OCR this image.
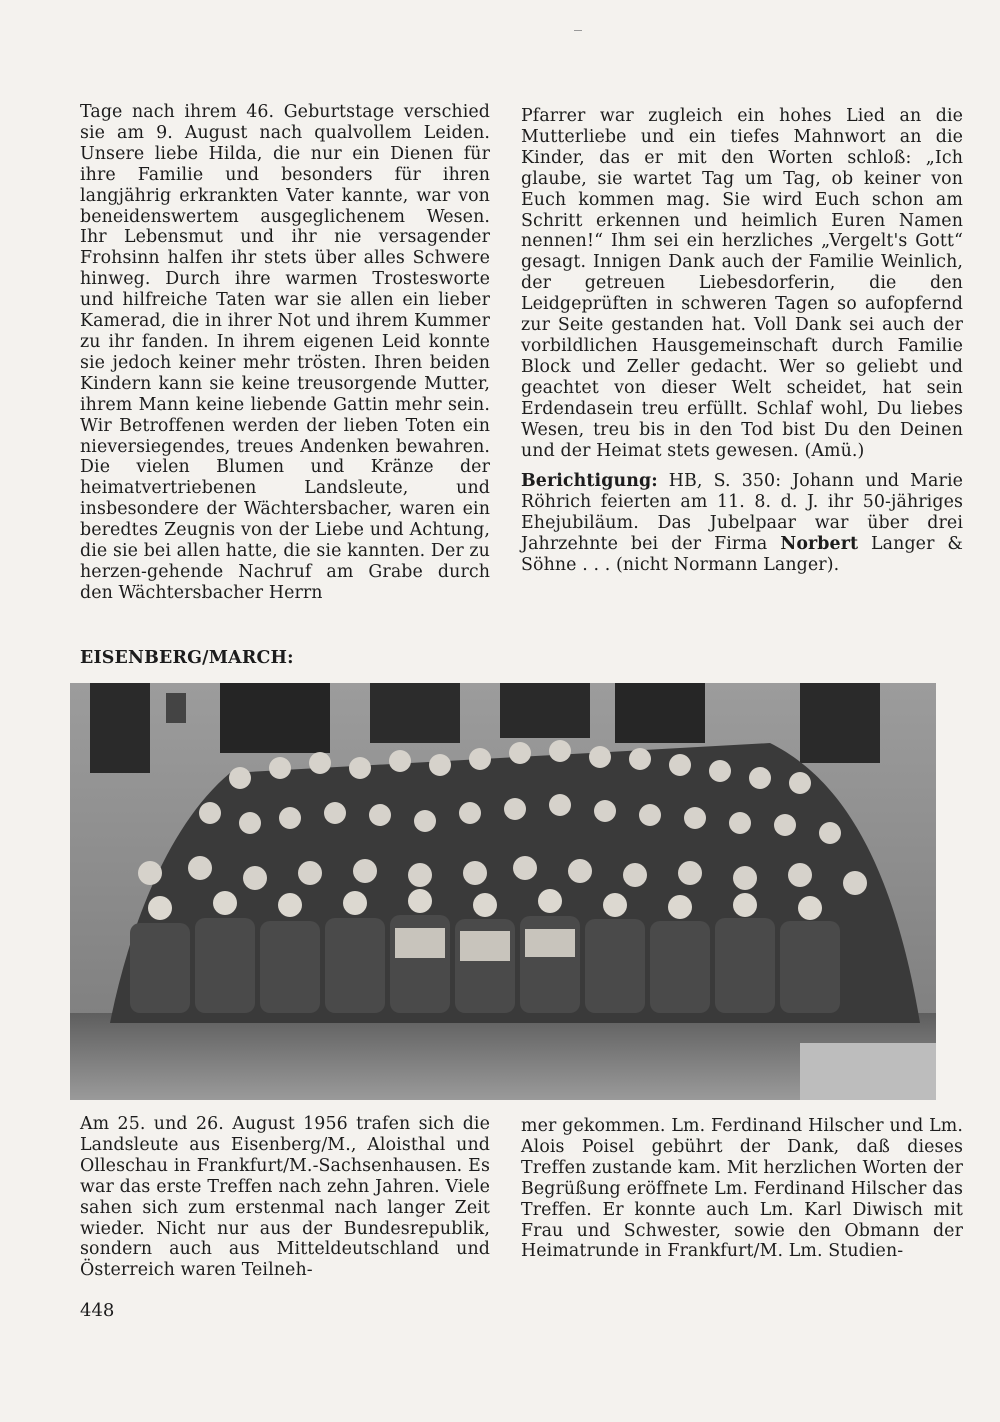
Tage nach ihrem 46. Geburtstage verschied sie am 9. August nach qualvollem Leiden. Unsere liebe Hilda, die nur ein Dienen für ihre Familie und besonders für ihren langjährig erkrankten Vater kannte, war von beneidenswertem ausgeglichenem Wesen. Ihr Lebensmut und ihr nie versagender Frohsinn halfen ihr stets über alles Schwere hinweg. Durch ihre warmen Trostesworte und hilfreiche Taten war sie allen ein lieber Kamerad, die in ihrer Not und ihrem Kummer zu ihr fanden. In ihrem eigenen Leid konnte sie jedoch keiner mehr trösten. Ihren beiden Kindern kann sie keine treusorgende Mutter, ihrem Mann keine liebende Gattin mehr sein. Wir Betroffenen werden der lieben Toten ein nieversiegendes, treues Andenken bewahren. Die vielen Blumen und Kränze der heimatvertriebenen Landsleute, und insbesondere der Wächtersbacher, waren ein beredtes Zeugnis von der Liebe und Achtung, die sie bei allen hatte, die sie kannten. Der zu herzen-gehende Nachruf am Grabe durch den Wächtersbacher Herrn

Pfarrer war zugleich ein hohes Lied an die Mutterliebe und ein tiefes Mahnwort an die Kinder, das er mit den Worten schloß: „Ich glaube, sie wartet Tag um Tag, ob keiner von Euch kommen mag. Sie wird Euch schon am Schritt erkennen und heimlich Euren Namen nennen!“ Ihm sei ein herzliches „Vergelt's Gott“ gesagt. Innigen Dank auch der Familie Weinlich, der getreuen Liebesdorferin, die den Leidgeprüften in schweren Tagen so aufopfernd zur Seite gestanden hat. Voll Dank sei auch der vorbildlichen Hausgemeinschaft durch Familie Block und Zeller gedacht. Wer so geliebt und geachtet von dieser Welt scheidet, hat sein Erdendasein treu erfüllt. Schlaf wohl, Du liebes Wesen, treu bis in den Tod bist Du den Deinen und der Heimat stets gewesen. (Amü.)

Berichtigung: HB, S. 350: Johann und Marie Röhrich feierten am 11. 8. d. J. ihr 50-jähriges Ehejubiläum. Das Jubelpaar war über drei Jahrzehnte bei der Firma Norbert Langer & Söhne . . . (nicht Normann Langer).

EISENBERG/MARCH:

Am 25. und 26. August 1956 trafen sich die Landsleute aus Eisenberg/M., Aloisthal und Olleschau in Frankfurt/M.-Sachsenhausen. Es war das erste Treffen nach zehn Jahren. Viele sahen sich zum erstenmal nach langer Zeit wieder. Nicht nur aus der Bundesrepublik, sondern auch aus Mitteldeutschland und Österreich waren Teilneh-

mer gekommen. Lm. Ferdinand Hilscher und Lm. Alois Poisel gebührt der Dank, daß dieses Treffen zustande kam. Mit herzlichen Worten der Begrüßung eröffnete Lm. Ferdinand Hilscher das Treffen. Er konnte auch Lm. Karl Diwisch mit Frau und Schwester, sowie den Obmann der Heimatrunde in Frankfurt/M. Lm. Studien-

448
